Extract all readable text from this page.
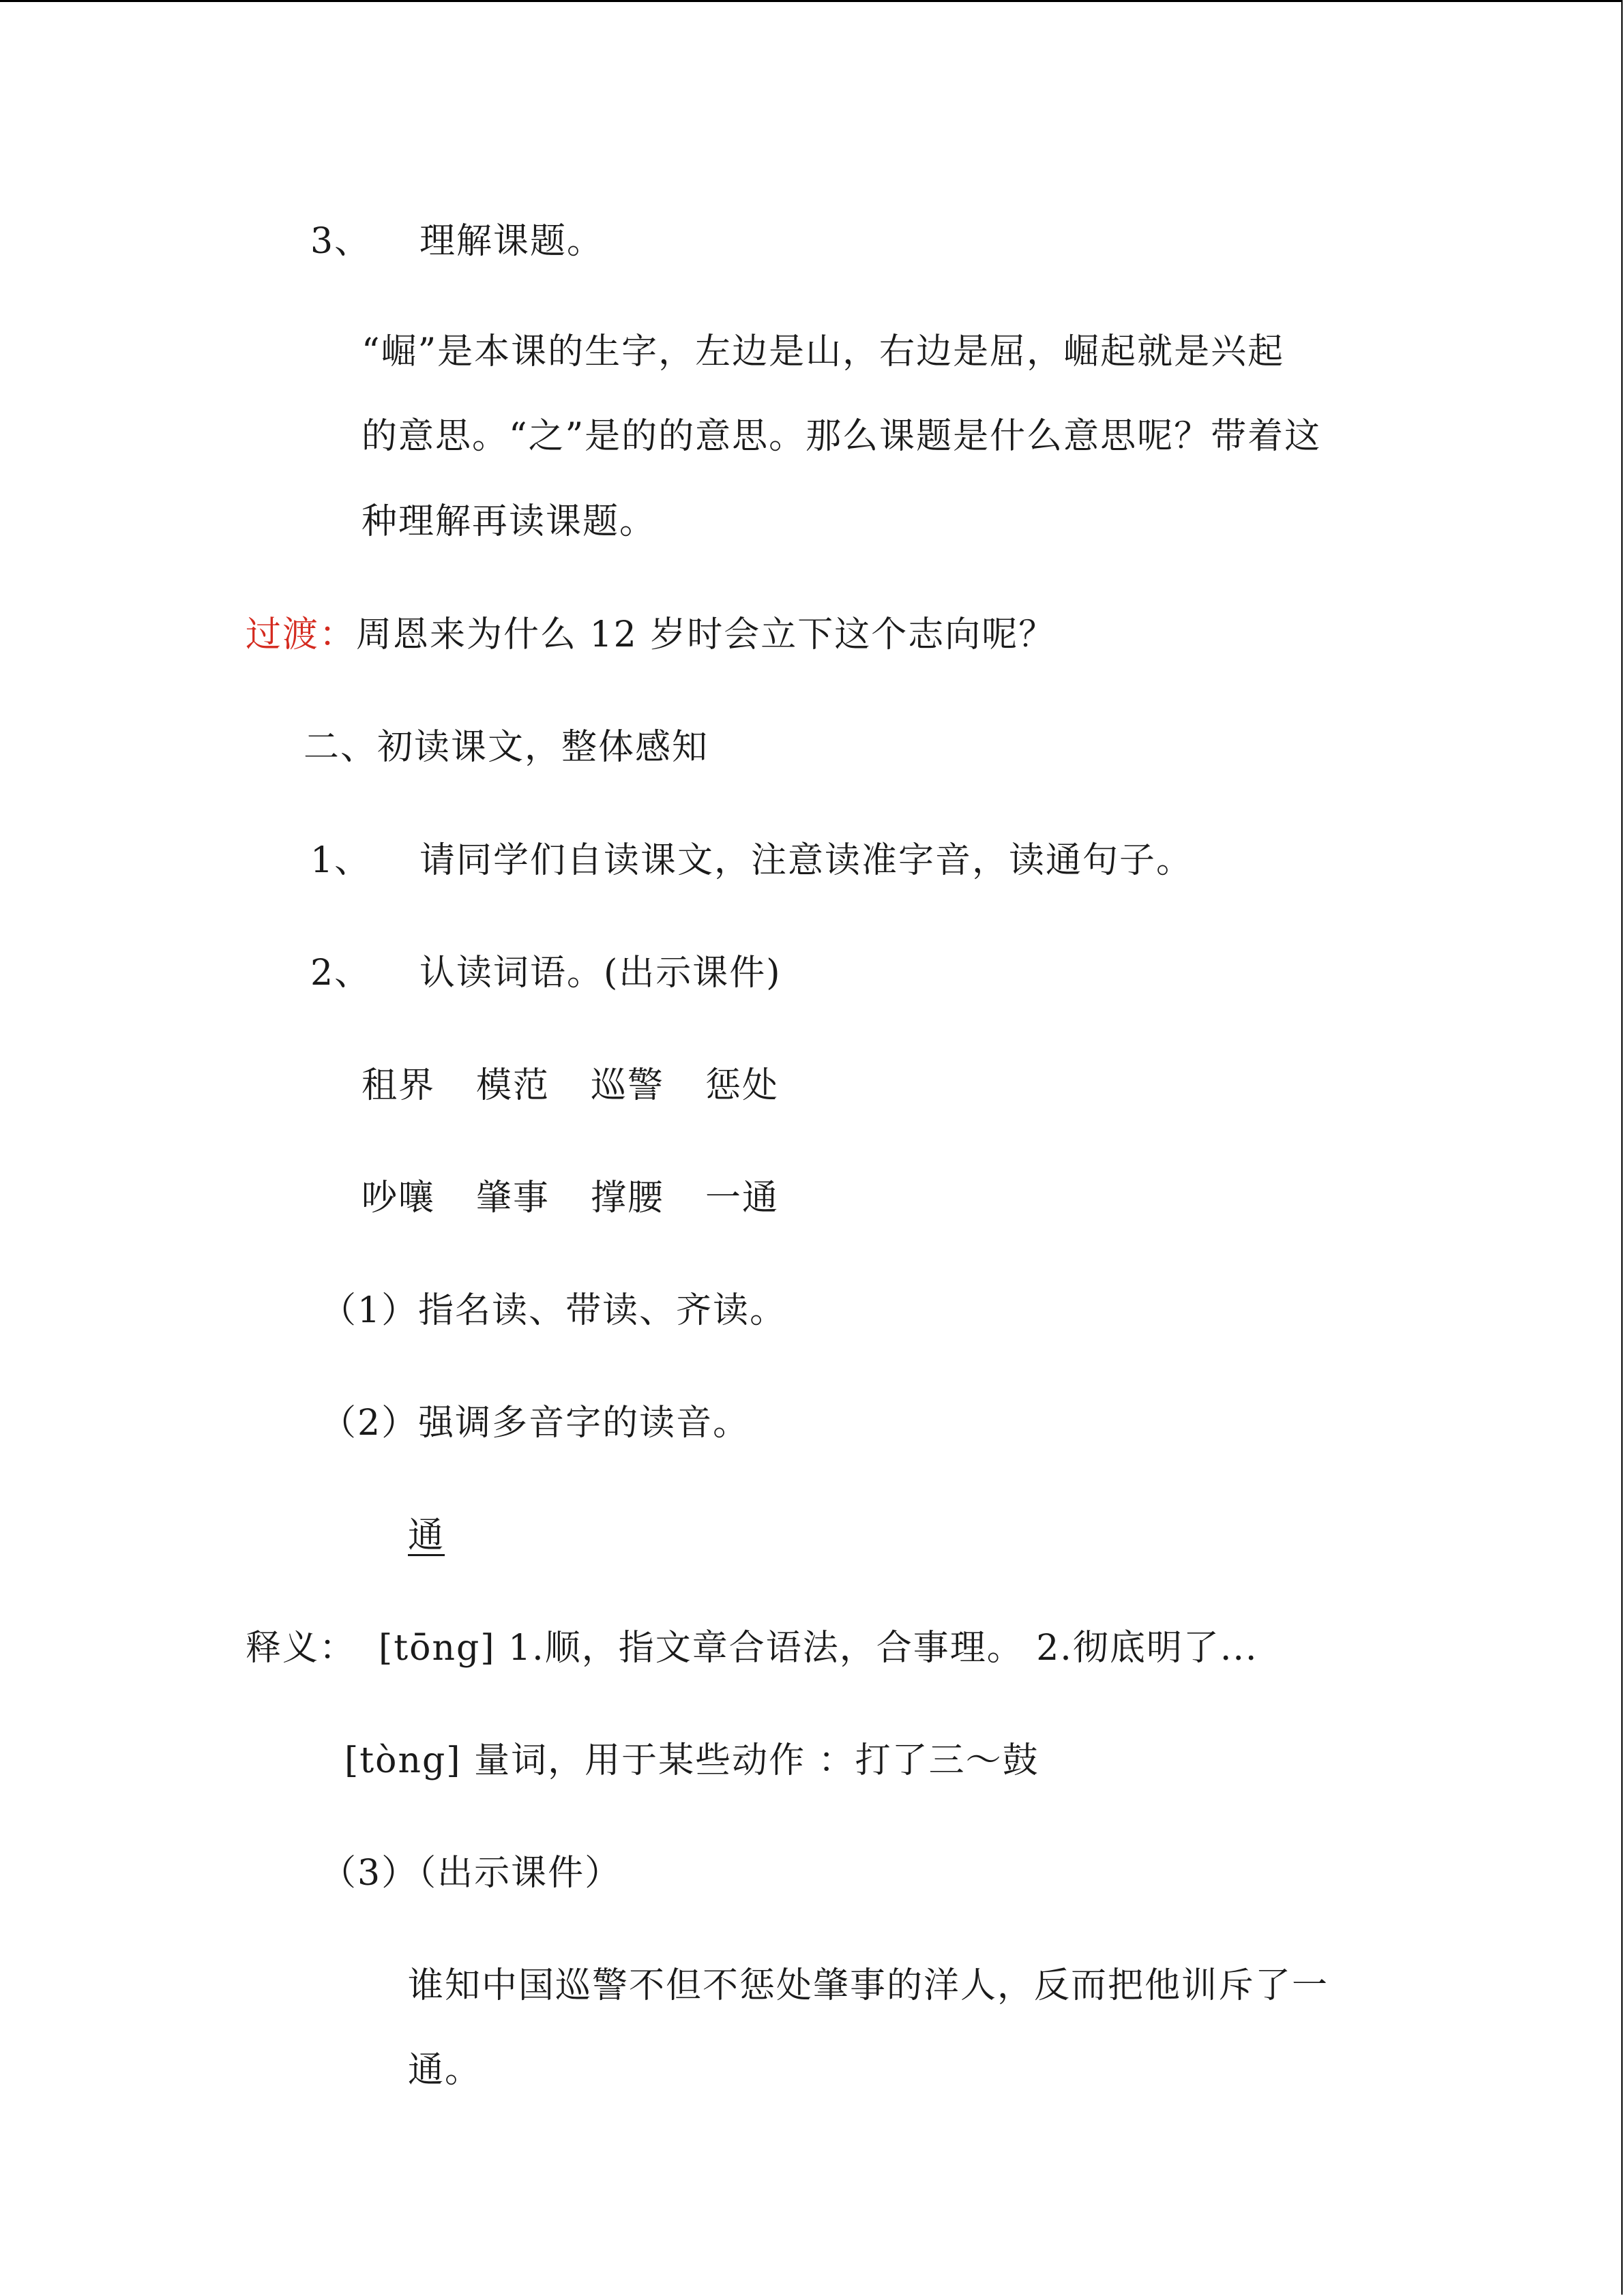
3、 理解课题。
“崛”是本课的生字，左边是山，右边是屈，崛起就是兴起
的意思。“之”是的的意思。那么课题是什么意思呢？带着这
种理解再读课题。
过渡：周恩来为什么 12 岁时会立下这个志向呢？
二、初读课文，整体感知
1、 请同学们自读课文，注意读准字音，读通句子。
2、 认读词语。(出示课件)
租界 模范 巡警 惩处
吵嚷 肇事 撑腰 一通
（1）指名读、带读、齐读。
（2）强调多音字的读音。
通
释义： [tōng] 1.顺，指文章合语法，合事理。 2.彻底明了...
[tòng] 量词，用于某些动作 ：打了三～鼓
（3）（出示课件）
谁知中国巡警不但不惩处肇事的洋人，反而把他训斥了一
通。
